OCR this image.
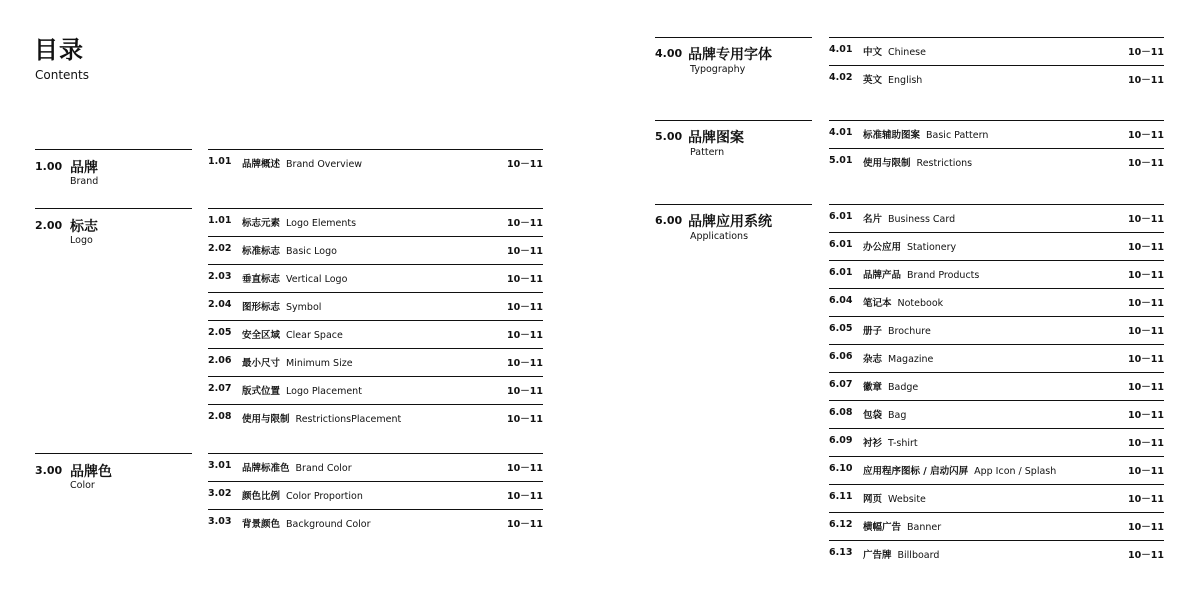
目录
Contents
1.00 品牌
Brand
1.01 品牌概述 Brand Overview	10－11
2.00 标志
Logo
1.01 标志元素 Logo Elements	10－11
2.02 标准标志 Basic Logo	10－11
2.03 垂直标志 Vertical Logo	10－11
2.04 图形标志 Symbol	10－11
2.05 安全区域 Clear Space	10－11
2.06 最小尺寸 Minimum Size	10－11
2.07 版式位置 Logo Placement	10－11
2.08 使用与限制 RestrictionsPlacement	10－11
3.00 品牌色
Color
3.01 品牌标准色 Brand Color	10－11
3.02 颜色比例 Color Proportion	10－11
3.03 背景颜色 Background Color	10－11
4.00 品牌专用字体
Typography
4.01 中文 Chinese	10－11
4.02 英文 English	10－11
5.00 品牌图案
Pattern
4.01 标准辅助图案 Basic Pattern	10－11
5.01 使用与限制 Restrictions	10－11
6.00 品牌应用系统
Applications
6.01 名片 Business Card	10－11
6.01 办公应用 Stationery	10－11
6.01 品牌产品 Brand Products	10－11
6.04 笔记本 Notebook	10－11
6.05 册子 Brochure	10－11
6.06 杂志 Magazine	10－11
6.07 徽章 Badge	10－11
6.08 包袋 Bag	10－11
6.09 衬衫 T-shirt	10－11
6.10 应用程序图标 / 启动闪屏 App Icon / Splash	10－11
6.11 网页 Website	10－11
6.12 横幅广告 Banner	10－11
6.13 广告牌 Billboard	10－11
